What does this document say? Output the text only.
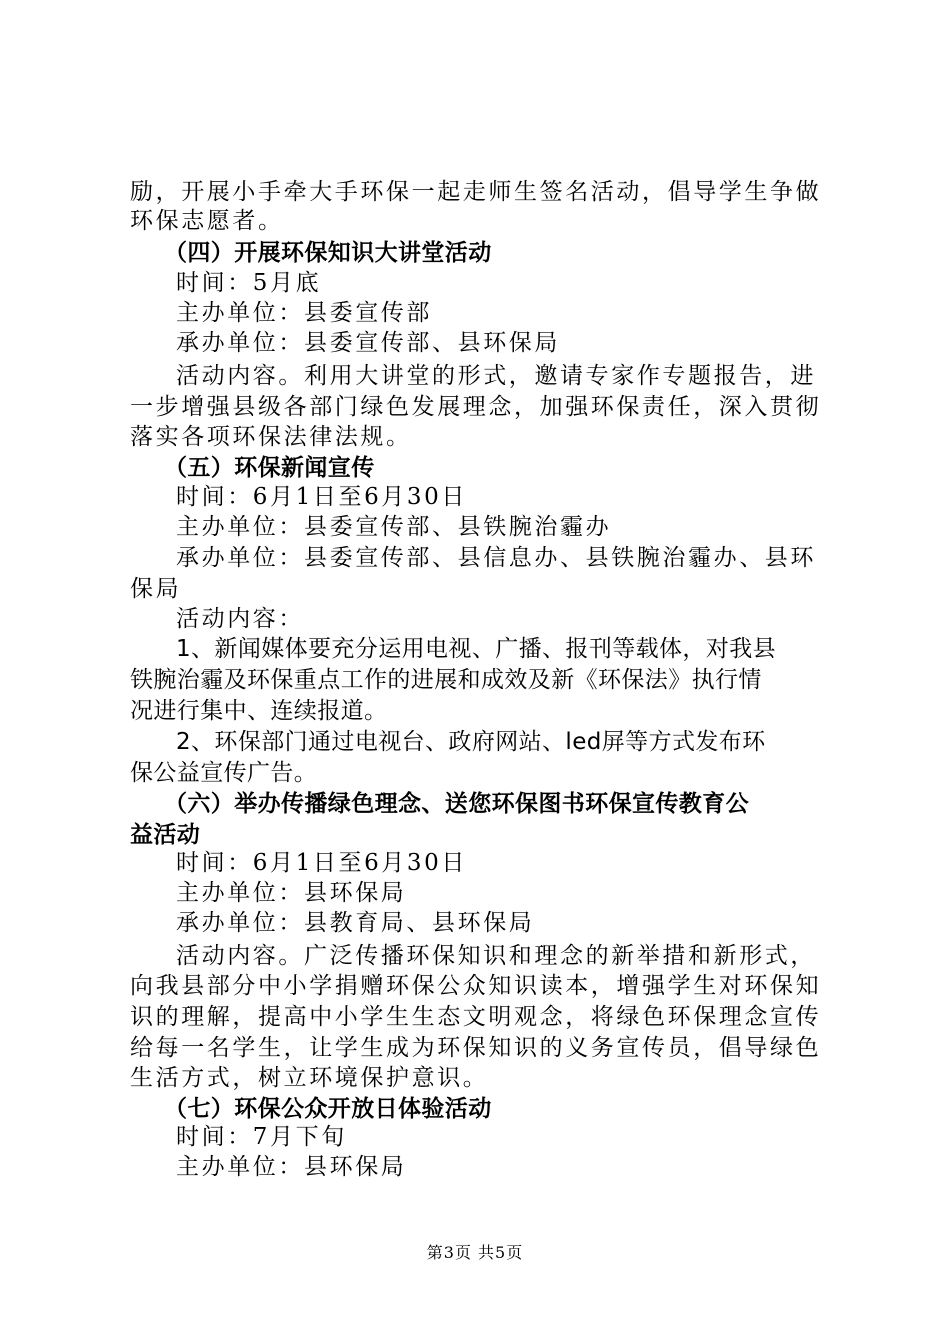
励，开展小手牵大手环保一起走师生签名活动，倡导学生争做
环保志愿者。
（四）开展环保知识大讲堂活动
时间：5月底
主办单位：县委宣传部
承办单位：县委宣传部、县环保局
活动内容。利用大讲堂的形式，邀请专家作专题报告，进
一步增强县级各部门绿色发展理念，加强环保责任，深入贯彻
落实各项环保法律法规。
（五）环保新闻宣传
时间：6月1日至6月30日
主办单位：县委宣传部、县铁腕治霾办
承办单位：县委宣传部、县信息办、县铁腕治霾办、县环
保局
活动内容：
1、新闻媒体要充分运用电视、广播、报刊等载体，对我县
铁腕治霾及环保重点工作的进展和成效及新《环保法》执行情
况进行集中、连续报道。
2、环保部门通过电视台、政府网站、led屏等方式发布环
保公益宣传广告。
（六）举办传播绿色理念、送您环保图书环保宣传教育公
益活动
时间：6月1日至6月30日
主办单位：县环保局
承办单位：县教育局、县环保局
活动内容。广泛传播环保知识和理念的新举措和新形式，
向我县部分中小学捐赠环保公众知识读本，增强学生对环保知
识的理解，提高中小学生生态文明观念，将绿色环保理念宣传
给每一名学生，让学生成为环保知识的义务宣传员，倡导绿色
生活方式，树立环境保护意识。
（七）环保公众开放日体验活动
时间：7月下旬
主办单位：县环保局
第3页 共5页
